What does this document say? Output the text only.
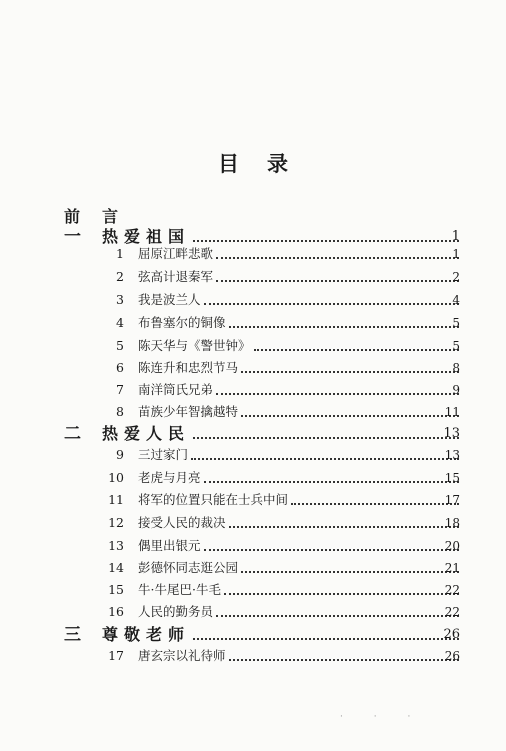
目录
前言
一 热爱祖国	1
1 屈原江畔悲歌	1
2 弦高计退秦军	2
3 我是波兰人	4
4 布鲁塞尔的铜像	5
5 陈天华与《警世钟》	5
6 陈连升和忠烈节马	8
7 南洋筒氏兄弟	9
8 苗族少年智擒越特	11
二 热爱人民	13
9 三过家门	13
10 老虎与月亮	15
11 将军的位置只能在士兵中间	17
12 接受人民的裁决	18
13 偶里出银元	20
14 彭德怀同志逛公园	21
15 牛·牛尾巴·牛毛	22
16 人民的勤务员	22
三 尊敬老师	26
17 唐玄宗以礼待师	26
· · ·
